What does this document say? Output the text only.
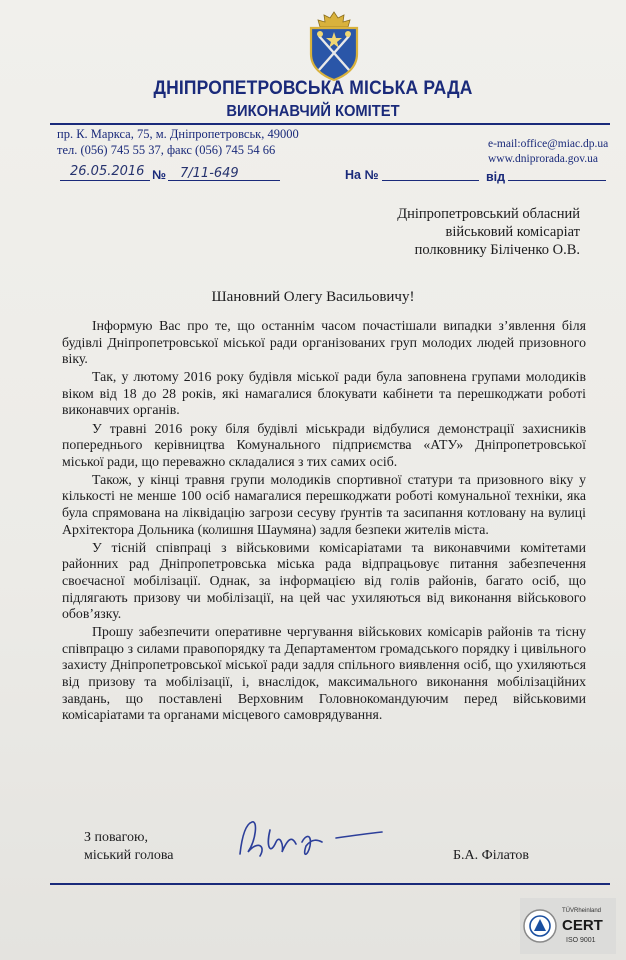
ДНІПРОПЕТРОВСЬКА МІСЬКА РАДА
ВИКОНАВЧИЙ КОМІТЕТ
пр. К. Маркса, 75, м. Дніпропетровськ, 49000
тел. (056) 745 55 37, факс (056) 745 54 66	e-mail:office@miac.dp.ua
www.dniprorada.gov.ua
26.05.2016 № 7/11-649	На №	від
Дніпропетровський обласний
військовий комісаріат
полковнику Біліченко О.В.
Шановний Олегу Васильовичу!

Інформую Вас про те, що останнім часом почастішали випадки з’явлення біля будівлі Дніпропетровської міської ради організованих груп молодих людей призовного віку.

Так, у лютому 2016 року будівля міської ради була заповнена групами молодиків віком від 18 до 28 років, які намагалися блокувати кабінети та перешкоджати роботі виконавчих органів.

У травні 2016 року біля будівлі міськради відбулися демонстрації захисників попереднього керівництва Комунального підприємства «АТУ» Дніпропетровської міської ради, що переважно складалися з тих самих осіб.

Також, у кінці травня групи молодиків спортивної статури та призовного віку у кількості не менше 100 осіб намагалися перешкоджати роботі комунальної техніки, яка була спрямована на ліквідацію загрози сесуву ґрунтів та засипання котловану на вулиці Архітектора Дольника (колишня Шаумяна) задля безпеки жителів міста.

У тісній співпраці з військовими комісаріатами та виконавчими комітетами районних рад Дніпропетровська міська рада відпрацьовує питання забезпечення своєчасної мобілізації. Однак, за інформацією від голів районів, багато осіб, що підлягають призову чи мобілізації, на цей час ухиляються від виконання військового обов’язку.

Прошу забезпечити оперативне чергування військових комісарів районів та тісну співпрацю з силами правопорядку та Департаментом громадського порядку і цивільного захисту Дніпропетровської міської ради задля спільного виявлення осіб, що ухиляються від призову та мобілізації, і, внаслідок, максимального виконання мобілізаційних завдань, що поставлені Верховним Головнокомандуючим перед військовими комісаріатами та органами місцевого самоврядування.

З повагою,
міський голова	Б.А. Філатов
TÜVRheinland
CERT
ISO 9001
